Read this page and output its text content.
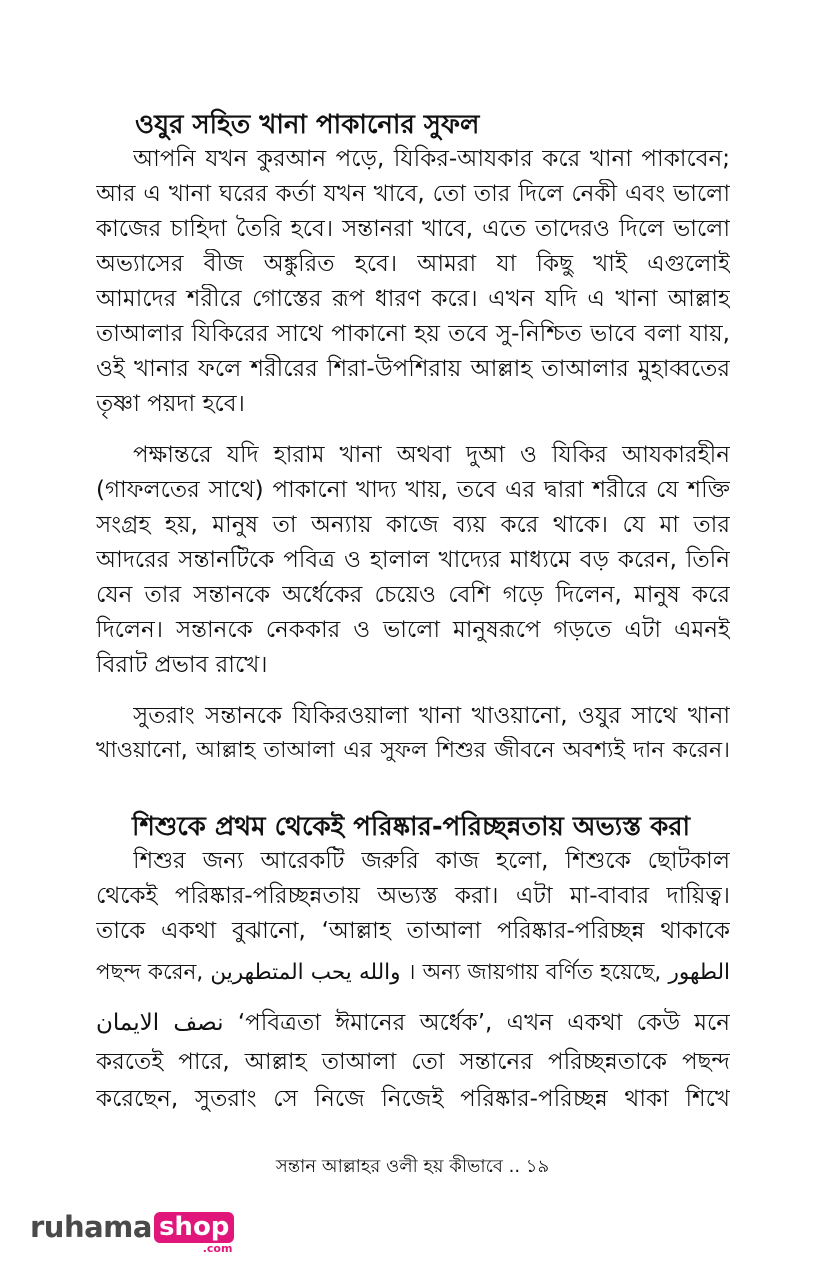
ওযুর সহিত খানা পাকানোর সুফল
আপনি যখন কুরআন পড়ে, যিকির-আযকার করে খানা পাকাবেন;
আর এ খানা ঘরের কর্তা যখন খাবে, তো তার দিলে নেকী এবং ভালো
কাজের চাহিদা তৈরি হবে। সন্তানরা খাবে, এতে তাদেরও দিলে ভালো
অভ্যাসের বীজ অঙ্কুরিত হবে। আমরা যা কিছু খাই এগুলোই
আমাদের শরীরে গোস্তের রূপ ধারণ করে। এখন যদি এ খানা আল্লাহ
তাআলার যিকিরের সাথে পাকানো হয় তবে সু-নিশ্চিত ভাবে বলা যায়,
ওই খানার ফলে শরীরের শিরা-উপশিরায় আল্লাহ তাআলার মুহাব্বতের
তৃষ্ণা পয়দা হবে।
পক্ষান্তরে যদি হারাম খানা অথবা দুআ ও যিকির আযকারহীন
(গাফলতের সাথে) পাকানো খাদ্য খায়, তবে এর দ্বারা শরীরে যে শক্তি
সংগ্রহ হয়, মানুষ তা অন্যায় কাজে ব্যয় করে থাকে। যে মা তার
আদরের সন্তানটিকে পবিত্র ও হালাল খাদ্যের মাধ্যমে বড় করেন, তিনি
যেন তার সন্তানকে অর্ধেকের চেয়েও বেশি গড়ে দিলেন, মানুষ করে
দিলেন। সন্তানকে নেককার ও ভালো মানুষরূপে গড়তে এটা এমনই
বিরাট প্রভাব রাখে।
সুতরাং সন্তানকে যিকিরওয়ালা খানা খাওয়ানো, ওযুর সাথে খানা
খাওয়ানো, আল্লাহ তাআলা এর সুফল শিশুর জীবনে অবশ্যই দান করেন।
শিশুকে প্রথম থেকেই পরিষ্কার-পরিচ্ছন্নতায় অভ্যস্ত করা
শিশুর জন্য আরেকটি জরুরি কাজ হলো, শিশুকে ছোটকাল
থেকেই পরিষ্কার-পরিচ্ছন্নতায় অভ্যস্ত করা। এটা মা-বাবার দায়িত্ব।
তাকে একথা বুঝানো, ‘আল্লাহ তাআলা পরিষ্কার-পরিচ্ছন্ন থাকাকে
পছন্দ করেন, والله يحب المتطهرين । অন্য জায়গায় বর্ণিত হয়েছে, الطهور
نصف الايمان ‘পবিত্রতা ঈমানের অর্ধেক’, এখন একথা কেউ মনে
করতেই পারে, আল্লাহ তাআলা তো সন্তানের পরিচ্ছন্নতাকে পছন্দ
করেছেন, সুতরাং সে নিজে নিজেই পরিষ্কার-পরিচ্ছন্ন থাকা শিখে
সন্তান আল্লাহর ওলী হয় কীভাবে .. ১৯
ruhama shop
.com
